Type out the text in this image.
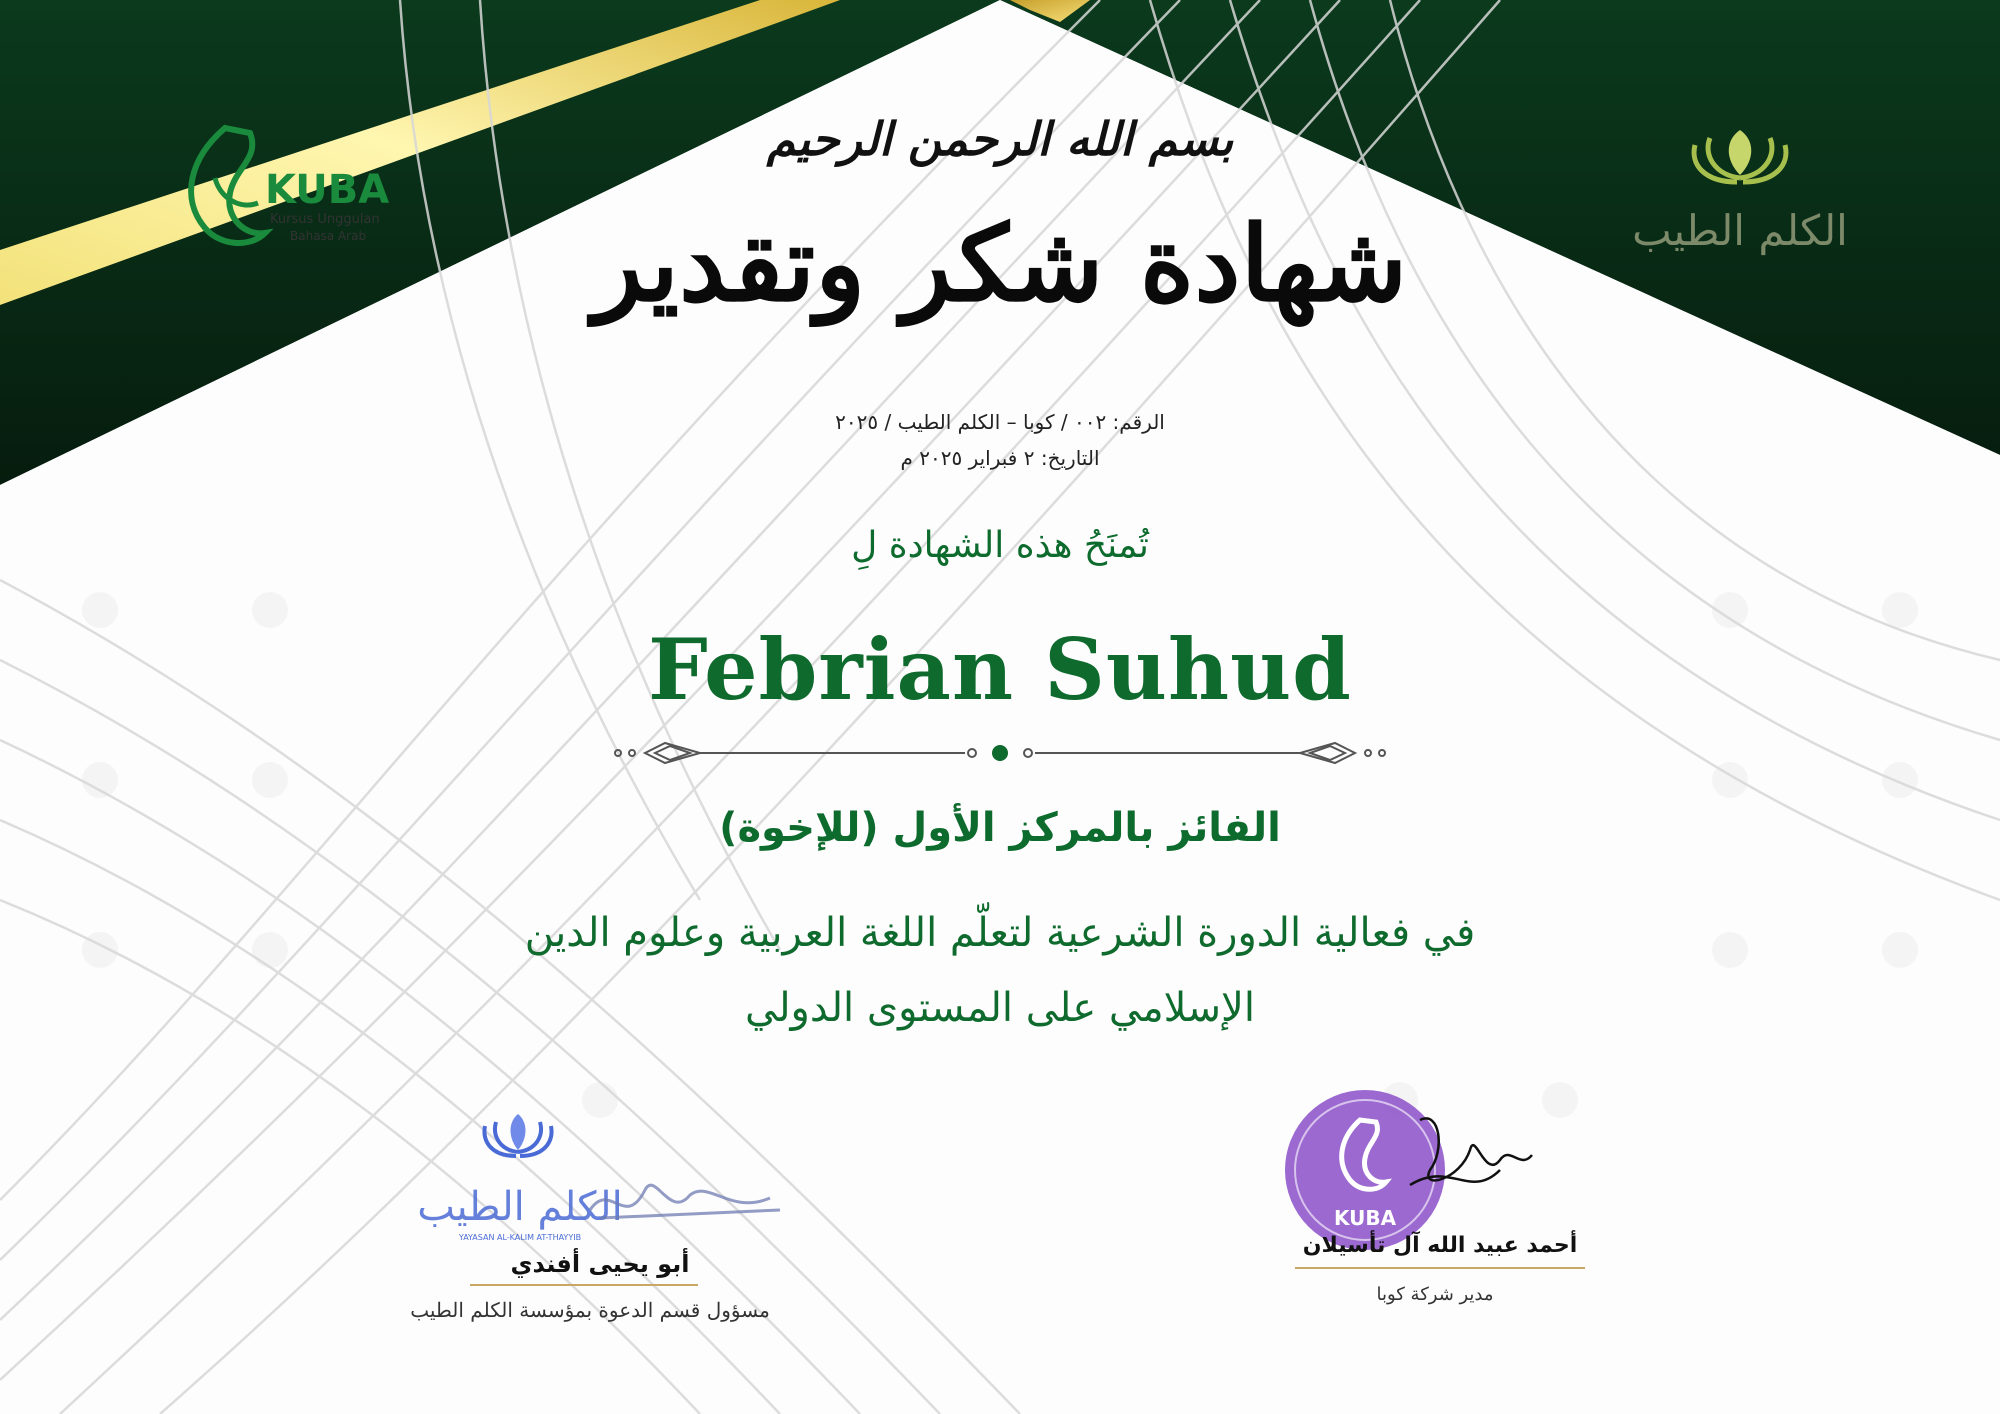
KUBA
Kursus Unggulan
Bahasa Arab	الكلم الطيب
بسم الله الرحمن الرحيم
شهادة شكر وتقدير
الرقم: ٠٠٢ / كوبا – الكلم الطيب / ٢٠٢٥
التاريخ: ٢ فبراير ٢٠٢٥ م
تُمنَحُ هذه الشهادة لِ
Febrian Suhud
الفائز بالمركز الأول (للإخوة)
في فعالية الدورة الشرعية لتعلّم اللغة العربية وعلوم الدين
الإسلامي على المستوى الدولي
الكلم الطيب
YAYASAN AL-KALIM AT-THAYYIB
أبو يحيى أفندي
مسؤول قسم الدعوة بمؤسسة الكلم الطيب
KUBA
أحمد عبيد الله آل تأسيلان
مدير شركة كوبا
